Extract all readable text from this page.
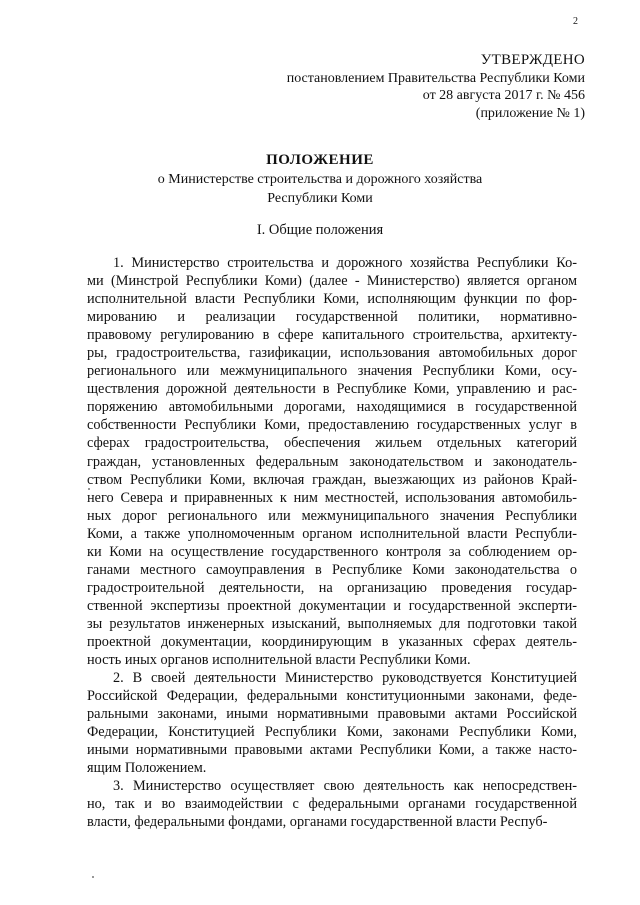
2
УТВЕРЖДЕНО
постановлением Правительства Республики Коми
от 28 августа 2017 г. № 456
(приложение № 1)
ПОЛОЖЕНИЕ
о Министерстве строительства и дорожного хозяйства
Республики Коми
I. Общие положения

1. Министерство строительства и дорожного хозяйства Республики Ко-
ми (Минстрой Республики Коми) (далее - Министерство) является органом
исполнительной власти Республики Коми, исполняющим функции по фор-
мированию и реализации государственной политики, нормативно-
правовому регулированию в сфере капитального строительства, архитекту-
ры, градостроительства, газификации, использования автомобильных дорог
регионального или межмуниципального значения Республики Коми, осу-
ществления дорожной деятельности в Республике Коми, управлению и рас-
поряжению автомобильными дорогами, находящимися в государственной
собственности Республики Коми, предоставлению государственных услуг в
сферах градостроительства, обеспечения жильем отдельных категорий
граждан, установленных федеральным законодательством и законодатель-
ством Республики Коми, включая граждан, выезжающих из районов Край-
него Севера и приравненных к ним местностей, использования автомобиль-
ных дорог регионального или межмуниципального значения Республики
Коми, а также уполномоченным органом исполнительной власти Республи-
ки Коми на осуществление государственного контроля за соблюдением ор-
ганами местного самоуправления в Республике Коми законодательства о
градостроительной деятельности, на организацию проведения государ-
ственной экспертизы проектной документации и государственной эксперти-
зы результатов инженерных изысканий, выполняемых для подготовки такой
проектной документации, координирующим в указанных сферах деятель-
ность иных органов исполнительной власти Республики Коми.

2. В своей деятельности Министерство руководствуется Конституцией
Российской Федерации, федеральными конституционными законами, феде-
ральными законами, иными нормативными правовыми актами Российской
Федерации, Конституцией Республики Коми, законами Республики Коми,
иными нормативными правовыми актами Республики Коми, а также насто-
ящим Положением.

3. Министерство осуществляет свою деятельность как непосредствен-
но, так и во взаимодействии с федеральными органами государственной
власти, федеральными фондами, органами государственной власти Респуб-
